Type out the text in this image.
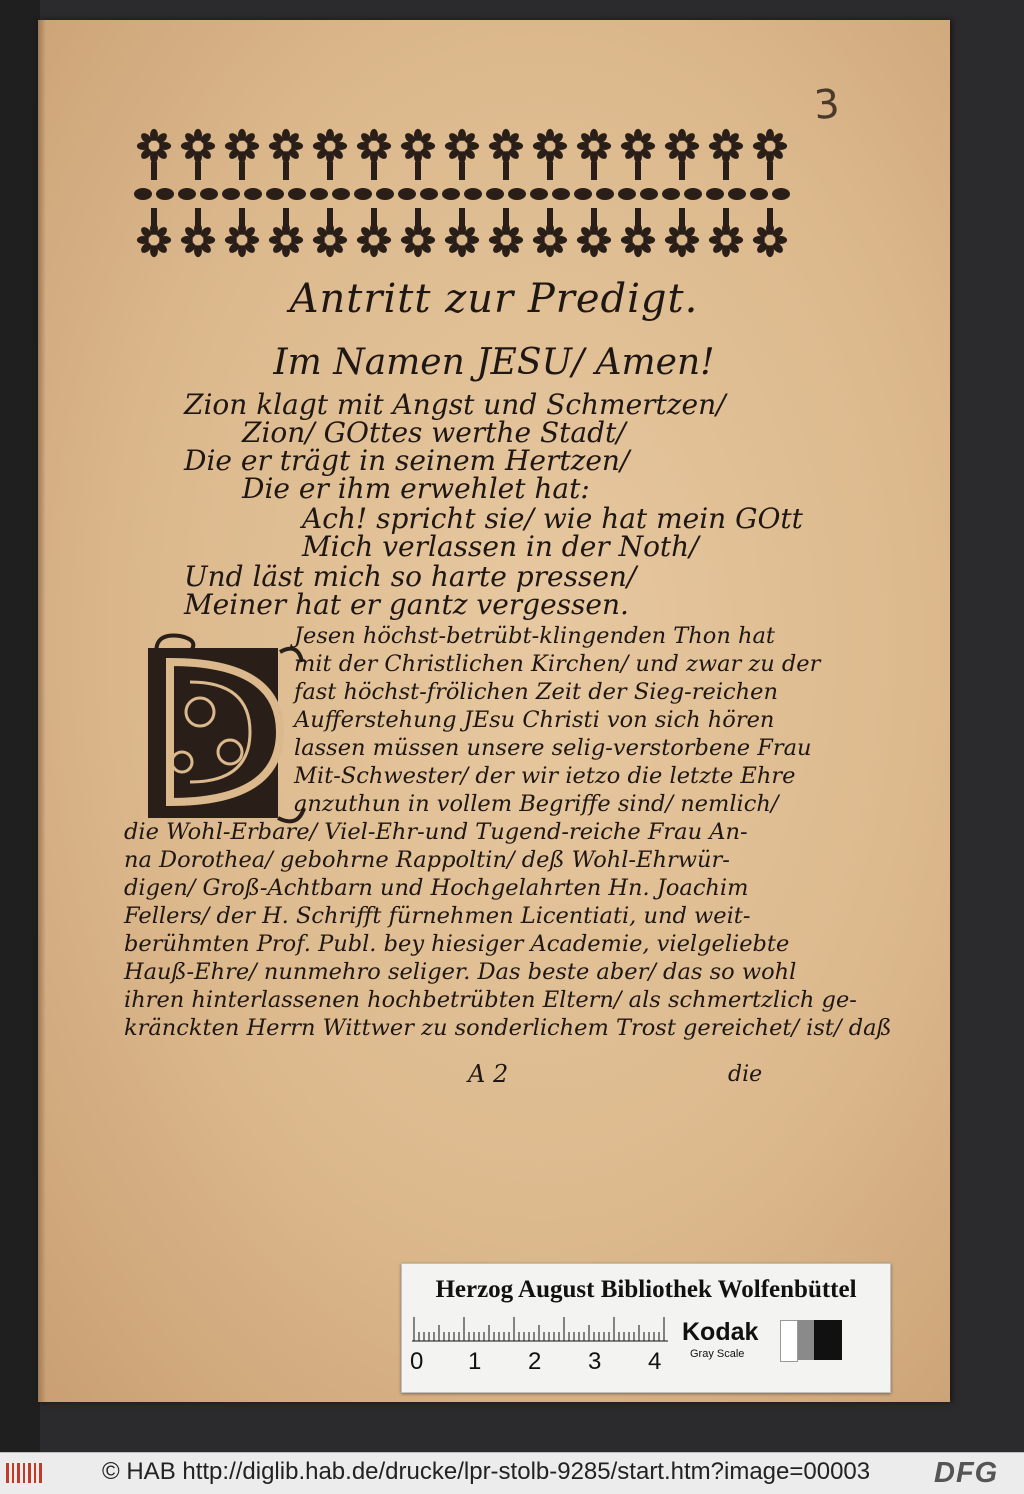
3
Antritt zur Predigt.
Im Namen JESU/ Amen!
Zion klagt mit Angst und Schmertzen/
Zion/ GOttes werthe Stadt/
Die er trägt in seinem Hertzen/
Die er ihm erwehlet hat:
Ach! spricht sie/ wie hat mein GOtt
Mich verlassen in der Noth/
Und läst mich so harte pressen/
Meiner hat er gantz vergessen.
Jesen höchst-betrübt-klingenden Thon hat
mit der Christlichen Kirchen/ und zwar zu der
fast höchst-frölichen Zeit der Sieg-reichen
Aufferstehung JEsu Christi von sich hören
lassen müssen unsere selig-verstorbene Frau
Mit-Schwester/ der wir ietzo die letzte Ehre
anzuthun in vollem Begriffe sind/ nemlich/
die Wohl-Erbare/ Viel-Ehr-und Tugend-reiche Frau An-
na Dorothea/ gebohrne Rappoltin/ deß Wohl-Ehrwür-
digen/ Groß-Achtbarn und Hochgelahrten Hn. Joachim
Fellers/ der H. Schrifft fürnehmen Licentiati, und weit-
berühmten Prof. Publ. bey hiesiger Academie, vielgeliebte
Hauß-Ehre/ nunmehro seliger. Das beste aber/ das so wohl
ihren hinterlassenen hochbetrübten Eltern/ als schmertzlich ge-
kränckten Herrn Wittwer zu sonderlichem Trost gereichet/ ist/ daß
A 2	die
Herzog August Bibliothek Wolfenbüttel
0 1 2 3 4
Kodak
Gray Scale
© HAB http://diglib.hab.de/drucke/lpr-stolb-9285/start.htm?image=00003 DFG
